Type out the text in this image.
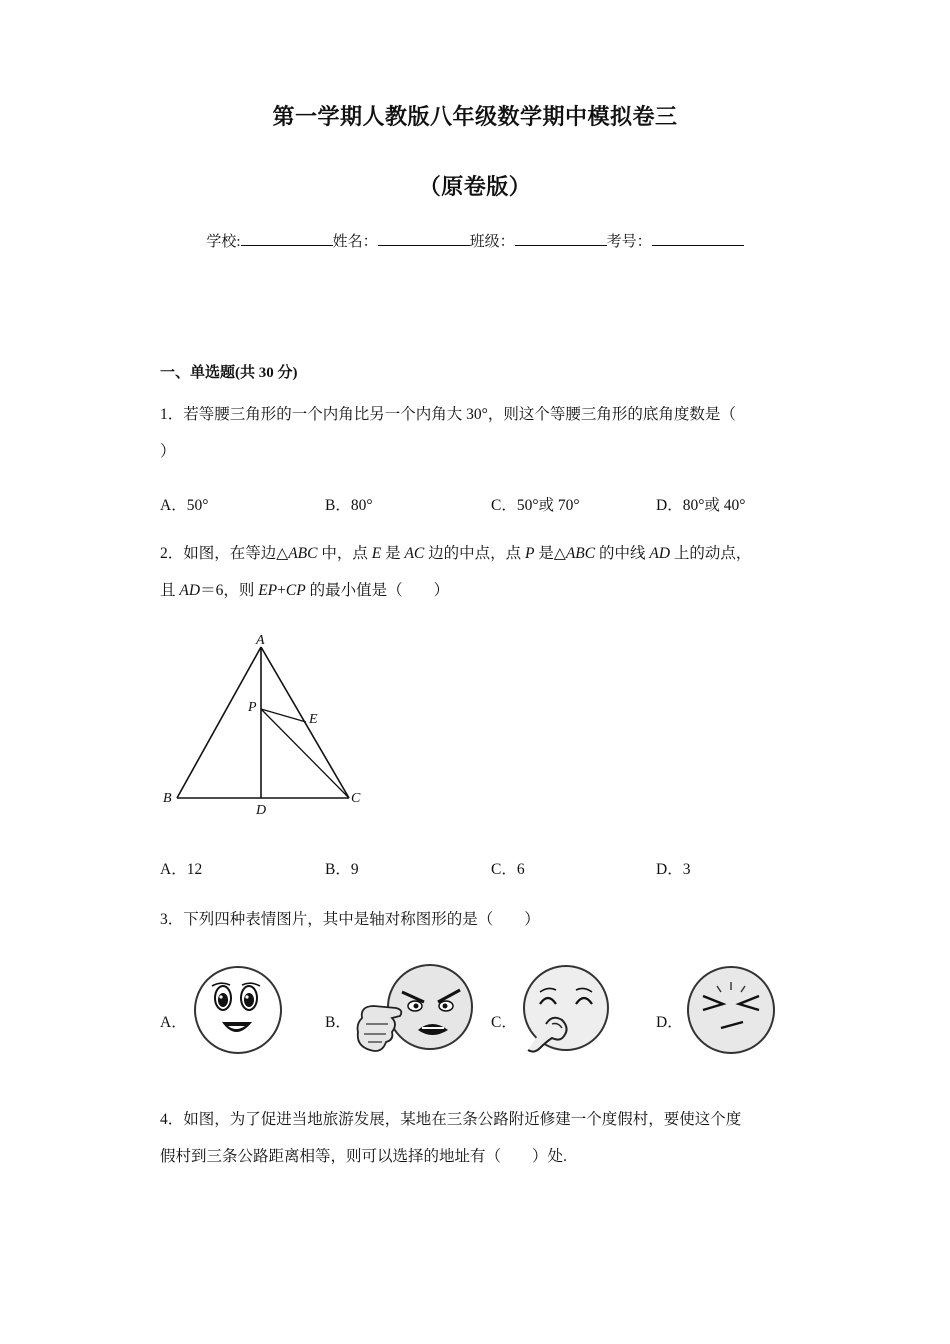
第一学期人教版八年级数学期中模拟卷三
（原卷版）
学校:	姓名：	班级：	考号：
一、单选题(共 30 分)
1．若等腰三角形的一个内角比另一个内角大 30°，则这个等腰三角形的底角度数是（
）
A．50°	B．80°	C．50°或 70°	D．80°或 40°
2．如图，在等边△ABC 中，点 E 是 AC 边的中点，点 P 是△ABC 的中线 AD 上的动点，
且 AD＝6，则 EP+CP 的最小值是（　　）
A
B	C
D
P
E
A．12	B．9	C．6	D．3
3．下列四种表情图片，其中是轴对称图形的是（　　）
A．	B．	C．	D．
4．如图，为了促进当地旅游发展，某地在三条公路附近修建一个度假村，要使这个度
假村到三条公路距离相等，则可以选择的地址有（　　）处.
